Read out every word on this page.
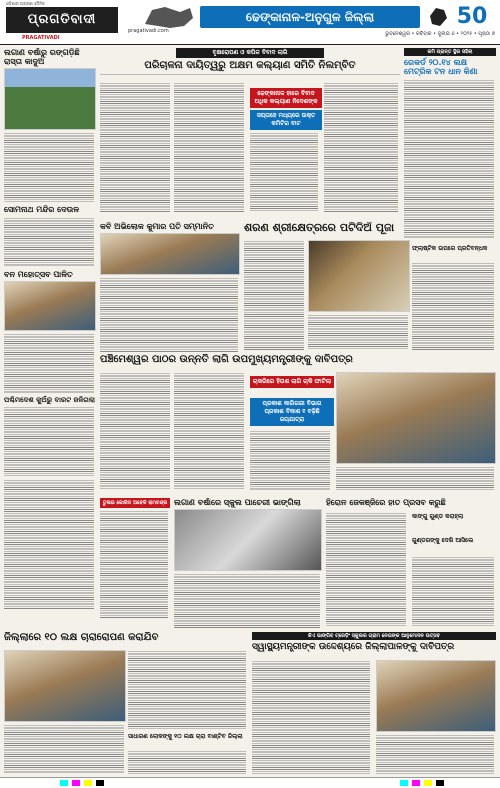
ଓଡ଼ିଶାର ଅଗ୍ରଣୀ ଦୈନିକ
ପ୍ରଗତିବାଦୀ
PRAGATIVADI
pragativadi.com
ଢେଙ୍କାନାଳ-ଅନୁଗୁଳ ଜିଲ୍ଲା	50
ଭୁବନେଶ୍ୱର • ରବିବାର • ଜୁଲାଇ ୬ • ୨୦୨୫ • ପୃଷ୍ଠା ୭
ଲଗାଣ ବର୍ଷାରୁ ରଙ୍ଗଡ଼ିଛି ରାସ୍ତା କାଦୁଅ
ସୋମନାଥ ମନ୍ଦିର ଦେଉଳ
ବନ ମହୋତ୍ସବ ପାଳିତ
ପଶ୍ଚିମଦେଶ କୁଅଁରୁ ବାରଟ ଜଳିଗଲା
ବୃକ୍ଷରୋପଣ ଓ କପିଳ ବିବାଦ ଲାଗି
ପରିଚାଳନା ଦାୟିତ୍ୱରୁ ଅକ୍ଷମ କଲ୍ୟାଣ ସମିତି ନିଲମ୍ବିତ
ଢେଙ୍କାନାଳ ହାରେ ବିବାଦ ଅଧିକ କଲ୍ୟାଣ ନିଦେଶଙ୍କ
ସପ୍ତାହେ ମଧ୍ୟରେ ଉକ୍ତ କମିଟିର ବାଟ
କମି ପ୍ରାନ୍ତ ସ୍ଥିର ସହିଲା
ରେକର୍ଡ ୨୦.୧୪ ଲକ୍ଷ ମେଟ୍ରିକ ଟନ ଧାନ କିଣା
କବି ଅଭିଲୋକ କୁମାର ପତି ସମ୍ମାନିତ	ଶରଣ ଶ୍ରୀକ୍ଷେତ୍ରରେ ପଟିଦିଅଁ ପୂଜା
ଫ୍ଲାଷ୍ଟିକ ଉପରେ ପ୍ରତିବନ୍ଧକ
ପଞ୍ଚିମେଶ୍ୱର ପାଠର ଉନ୍ନତି ଲାଗି ଉପମୁଖ୍ୟମନ୍ତ୍ରୀଙ୍କୁ ଦାବିପତ୍ର
ଚାକରିରେ ହିତାଶ ଲାଗି ଚାକି ଫାଟିଲା
ପ୍ରକାଶ କାରିଗରୀ ବିଭାଗ ପ୍ରକାଶ ବିକାଶ ୧ ବଢ଼ିଛି ଜୟଯାତ୍ରା
ତୁଳାଇ କୋରିଡ ଅବେଳି ରାମଚନ୍ଦ୍ର ଲଗାଣ ବର୍ଷାରେ ସ୍କୁଲ ପାଚେରୀ ଭାଙ୍ଗିଲା	ହିରୋନ ଜେକଞ୍ଜିରେ ହାତ ପ୍ରସବ କରୁଛି
କାଙ୍ଗୁ ଗୁଣ୍ଡ କରାହ୍ଲା
ଗୁଣ୍ଡରଙ୍କୁ ଦେଖି ଆସିଲେ
ଜିଲ୍ଲାରେ ୧୦ ଲକ୍ଷ ଚାରାରୋପଣ କରାଯିବ
ସାଧାରଣ ଲୋକଙ୍କୁ ୧୦ ଲକ୍ଷ ଚାରା ବାଣ୍ଟିବ ଜିଲ୍ଲା
କିଏ ଭାଙ୍ଗିବ ଟ୍ରେଡ଼ିଂ ସ୍କୁଲର ଗ୍ରାମ ନେତାଙ୍କ ଆନୁମୋଦନ ଉତ୍ସବ
ସ୍ୱାସ୍ଥ୍ୟମନ୍ତ୍ରୀଙ୍କ ଉଦ୍ଦେଶ୍ୟରେ ଜିଲ୍ଲାପାଳଙ୍କୁ ଦାବିପତ୍ର
